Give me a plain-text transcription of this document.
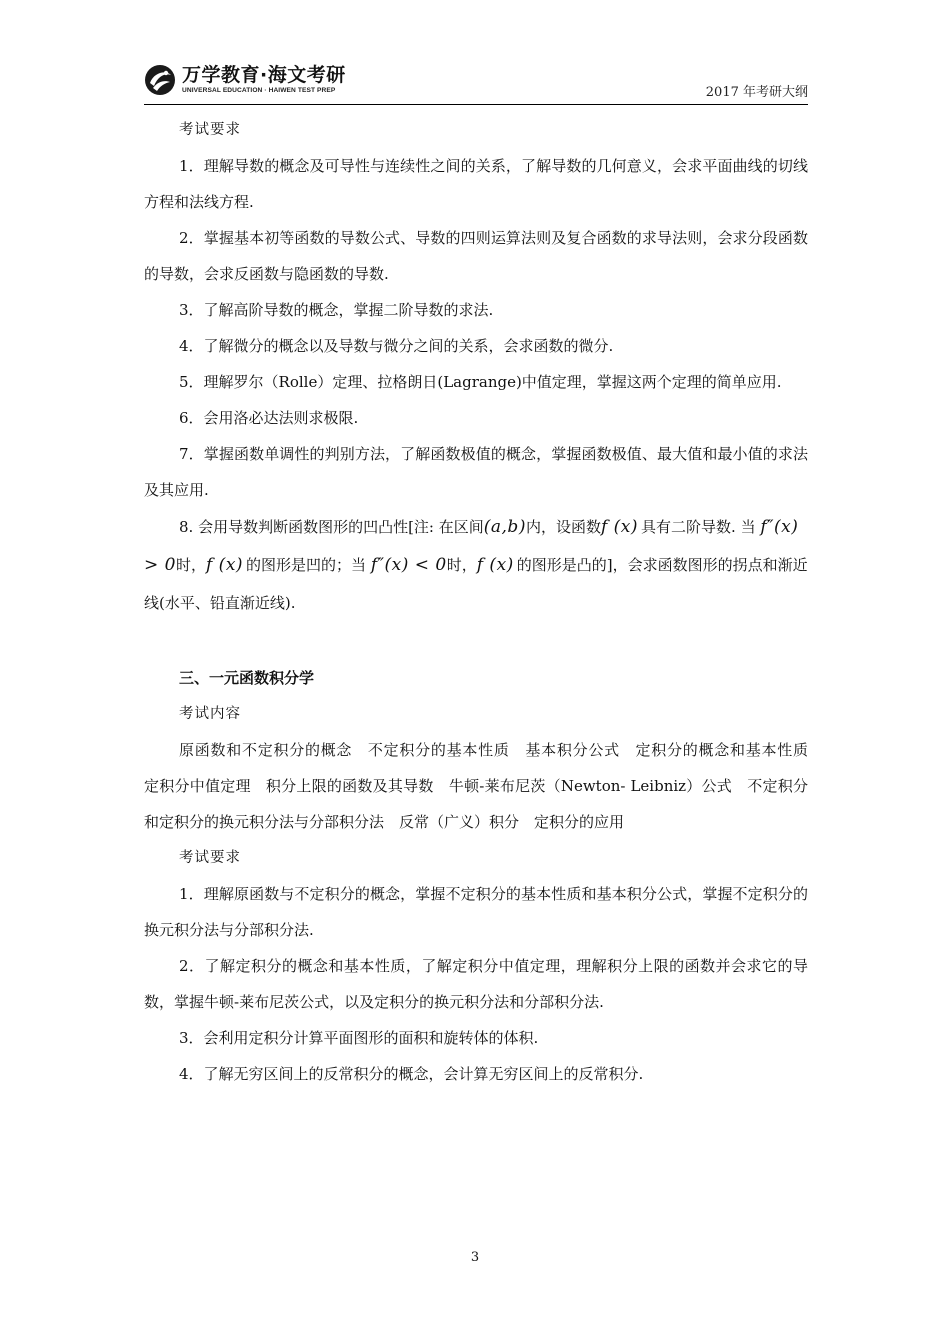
万学教育·海文考研
UNIVERSAL EDUCATION · HAIWEN TEST PREP	2017 年考研大纲

考试要求

1．理解导数的概念及可导性与连续性之间的关系，了解导数的几何意义，会求平面曲线的切线方程和法线方程.

2．掌握基本初等函数的导数公式、导数的四则运算法则及复合函数的求导法则，会求分段函数的导数，会求反函数与隐函数的导数.

3．了解高阶导数的概念，掌握二阶导数的求法.

4．了解微分的概念以及导数与微分之间的关系，会求函数的微分.

5．理解罗尔（Rolle）定理、拉格朗日(Lagrange)中值定理，掌握这两个定理的简单应用.

6．会用洛必达法则求极限.

7．掌握函数单调性的判别方法，了解函数极值的概念，掌握函数极值、最大值和最小值的求法及其应用.

8. 会用导数判断函数图形的凹凸性[注: 在区间(a,b)内，设函数f (x)  具有二阶导数. 当 f″(x) > 0时，f (x)  的图形是凹的；当 f″(x) < 0时，f (x)  的图形是凸的]，会求函数图形的拐点和渐近线(水平、铅直渐近线).

三、一元函数积分学

考试内容

原函数和不定积分的概念　不定积分的基本性质　基本积分公式　定积分的概念和基本性质　定积分中值定理　积分上限的函数及其导数　牛顿-莱布尼茨（Newton- Leibniz）公式　不定积分和定积分的换元积分法与分部积分法　反常（广义）积分　定积分的应用

考试要求

1．理解原函数与不定积分的概念，掌握不定积分的基本性质和基本积分公式，掌握不定积分的换元积分法与分部积分法.

2．了解定积分的概念和基本性质，了解定积分中值定理，理解积分上限的函数并会求它的导数，掌握牛顿-莱布尼茨公式，以及定积分的换元积分法和分部积分法.

3．会利用定积分计算平面图形的面积和旋转体的体积.

4．了解无穷区间上的反常积分的概念，会计算无穷区间上的反常积分.

3
